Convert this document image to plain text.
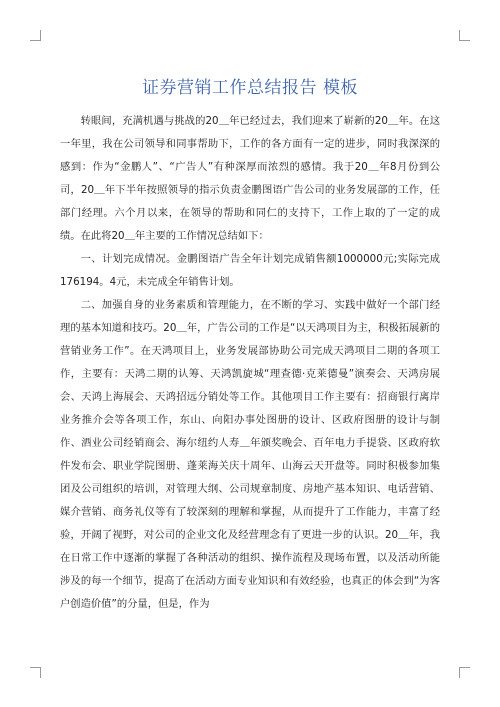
证券营销工作总结报告 模板

转眼间，充满机遇与挑战的20＿年已经过去，我们迎来了崭新的20＿年。在这一年里，我在公司领导和同事帮助下，工作的各方面有一定的进步，同时我深深的感到：作为“金鹏人”、“广告人”有种深厚而浓烈的感情。我于20＿年8月份到公司，20＿年下半年按照领导的指示负责金鹏图语广告公司的业务发展部的工作，任部门经理。六个月以来，在领导的帮助和同仁的支持下，工作上取的了一定的成绩。在此将20＿年主要的工作情况总结如下：

一、计划完成情况。金鹏图语广告全年计划完成销售额1000000元;实际完成176194。4元，未完成全年销售计划。

二、加强自身的业务素质和管理能力，在不断的学习、实践中做好一个部门经理的基本知道和技巧。20＿年，广告公司的工作是“以天鸿项目为主，积极拓展新的营销业务工作”。在天鸿项目上，业务发展部协助公司完成天鸿项目二期的各项工作，主要有：天鸿二期的认筹、天鸿凯旋城“理查德·克莱德曼”演奏会、天鸿房展会、天鸿上海展会、天鸿招远分销处等工作。其他项目工作主要有：招商银行离岸业务推介会等各项工作，东山、向阳办事处图册的设计、区政府图册的设计与制作、酒业公司经销商会、海尔纽约人寿＿年颁奖晚会、百年电力手提袋、区政府软件发布会、职业学院图册、蓬莱海关庆十周年、山海云天开盘等。同时积极参加集团及公司组织的培训，对管理大纲、公司规章制度、房地产基本知识、电话营销、媒介营销、商务礼仪等有了较深刻的理解和掌握，从而提升了工作能力，丰富了经验，开阔了视野，对公司的企业文化及经营理念有了更进一步的认识。20＿年，我在日常工作中逐渐的掌握了各种活动的组织、操作流程及现场布置，以及活动所能涉及的每一个细节，提高了在活动方面专业知识和有效经验，也真正的体会到“为客户创造价值”的分量，但是，作为
